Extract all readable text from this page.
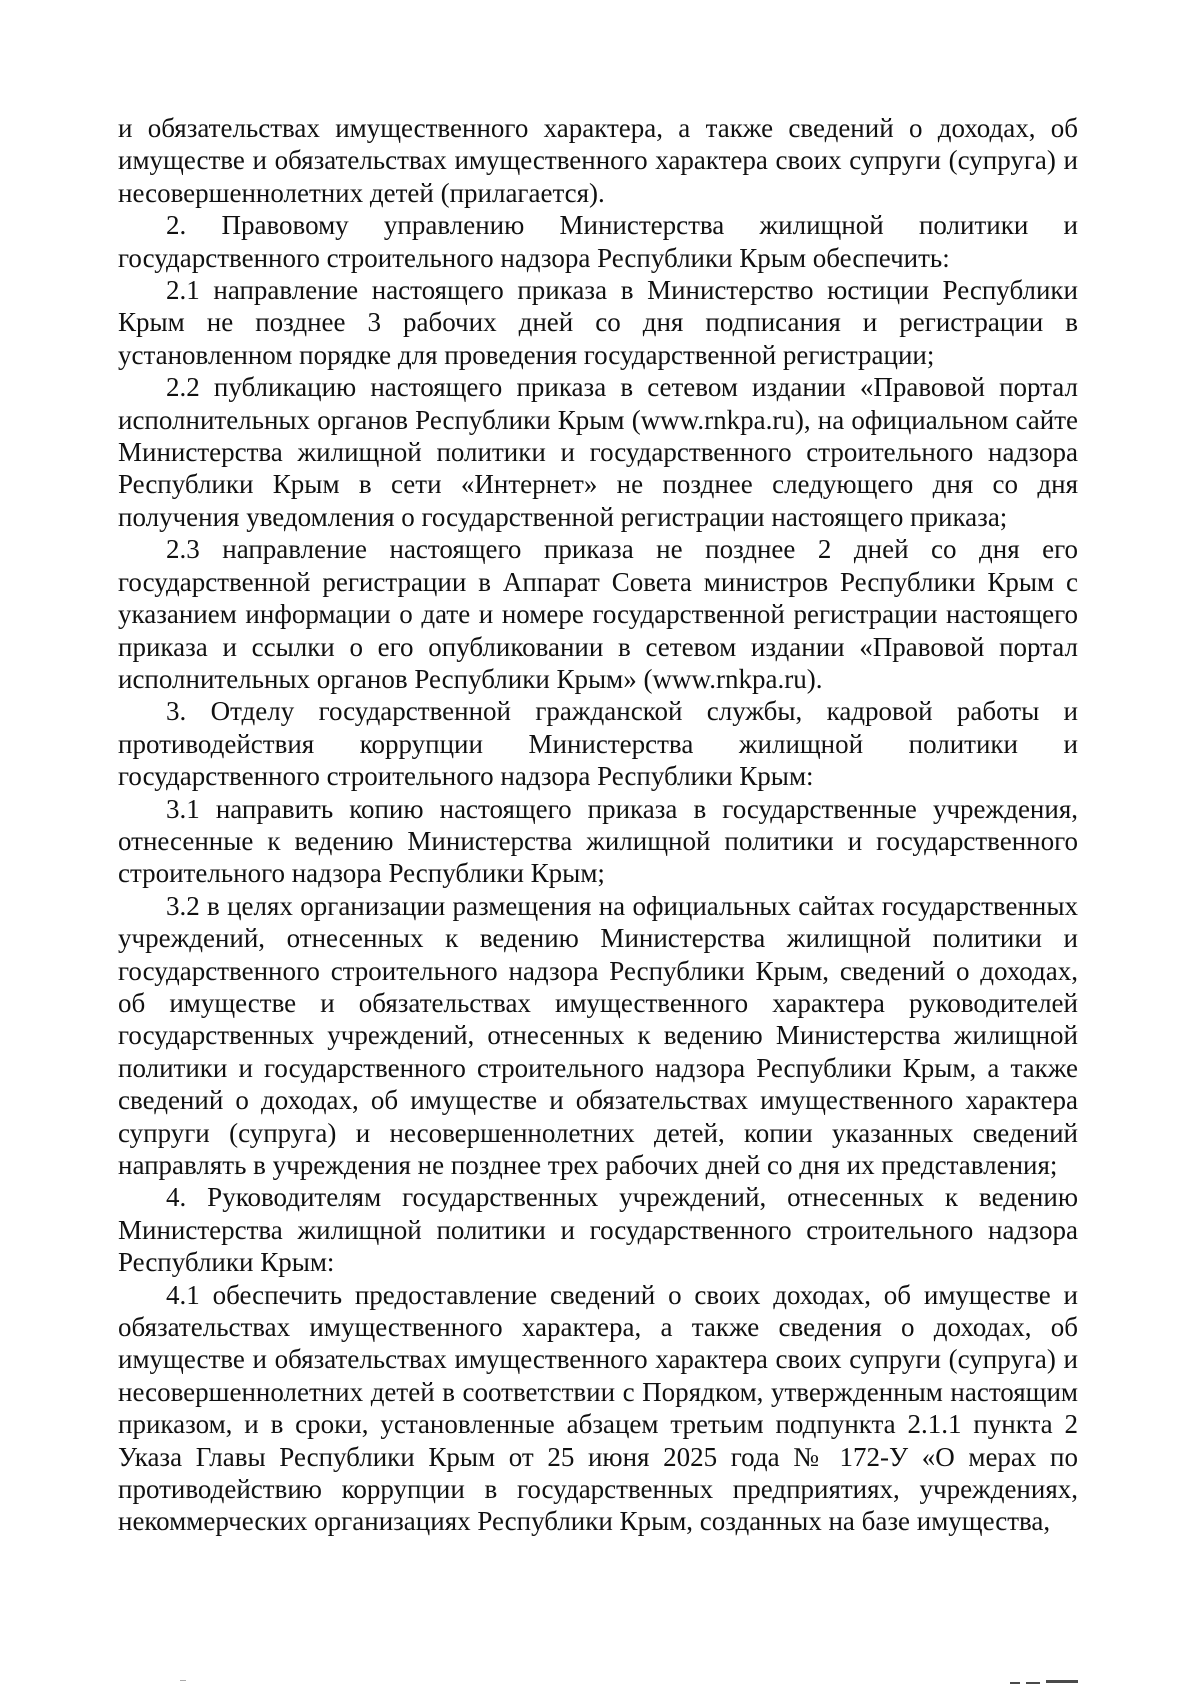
и обязательствах имущественного характера, а также сведений о доходах, об имуществе и обязательствах имущественного характера своих супруги (супруга) и несовершеннолетних детей (прилагается).

2. Правовому управлению Министерства жилищной политики и государственного строительного надзора Республики Крым обеспечить:

2.1 направление настоящего приказа в Министерство юстиции Республики Крым не позднее 3 рабочих дней со дня подписания и регистрации в установленном порядке для проведения государственной регистрации;

2.2 публикацию настоящего приказа в сетевом издании «Правовой портал исполнительных органов Республики Крым (www.rnkpa.ru), на официальном сайте Министерства жилищной политики и государственного строительного надзора Республики Крым в сети «Интернет» не позднее следующего дня со дня получения уведомления о государственной регистрации настоящего приказа;

2.3 направление настоящего приказа не позднее 2 дней со дня его государственной регистрации в Аппарат Совета министров Республики Крым с указанием информации о дате и номере государственной регистрации настоящего приказа и ссылки о его опубликовании в сетевом издании «Правовой портал исполнительных органов Республики Крым» (www.rnkpa.ru).

3. Отделу государственной гражданской службы, кадровой работы и противодействия коррупции Министерства жилищной политики и государственного строительного надзора Республики Крым:

3.1 направить копию настоящего приказа в государственные учреждения, отнесенные к ведению Министерства жилищной политики и государственного строительного надзора Республики Крым;

3.2 в целях организации размещения на официальных сайтах государственных учреждений, отнесенных к ведению Министерства жилищной политики и государственного строительного надзора Республики Крым, сведений о доходах, об имуществе и обязательствах имущественного характера руководителей государственных учреждений, отнесенных к ведению Министерства жилищной политики и государственного строительного надзора Республики Крым, а также сведений о доходах, об имуществе и обязательствах имущественного характера супруги (супруга) и несовершеннолетних детей, копии указанных сведений направлять в учреждения не позднее трех рабочих дней со дня их представления;

4. Руководителям государственных учреждений, отнесенных к ведению Министерства жилищной политики и государственного строительного надзора Республики Крым:

4.1 обеспечить предоставление сведений о своих доходах, об имуществе и обязательствах имущественного характера, а также сведения о доходах, об имуществе и обязательствах имущественного характера своих супруги (супруга) и несовершеннолетних детей в соответствии с Порядком, утвержденным настоящим приказом, и в сроки, установленные абзацем третьим подпункта 2.1.1 пункта 2 Указа Главы Республики Крым от 25 июня 2025 года № 172-У «О мерах по противодействию коррупции в государственных предприятиях, учреждениях, некоммерческих организациях Республики Крым, созданных на базе имущества,
